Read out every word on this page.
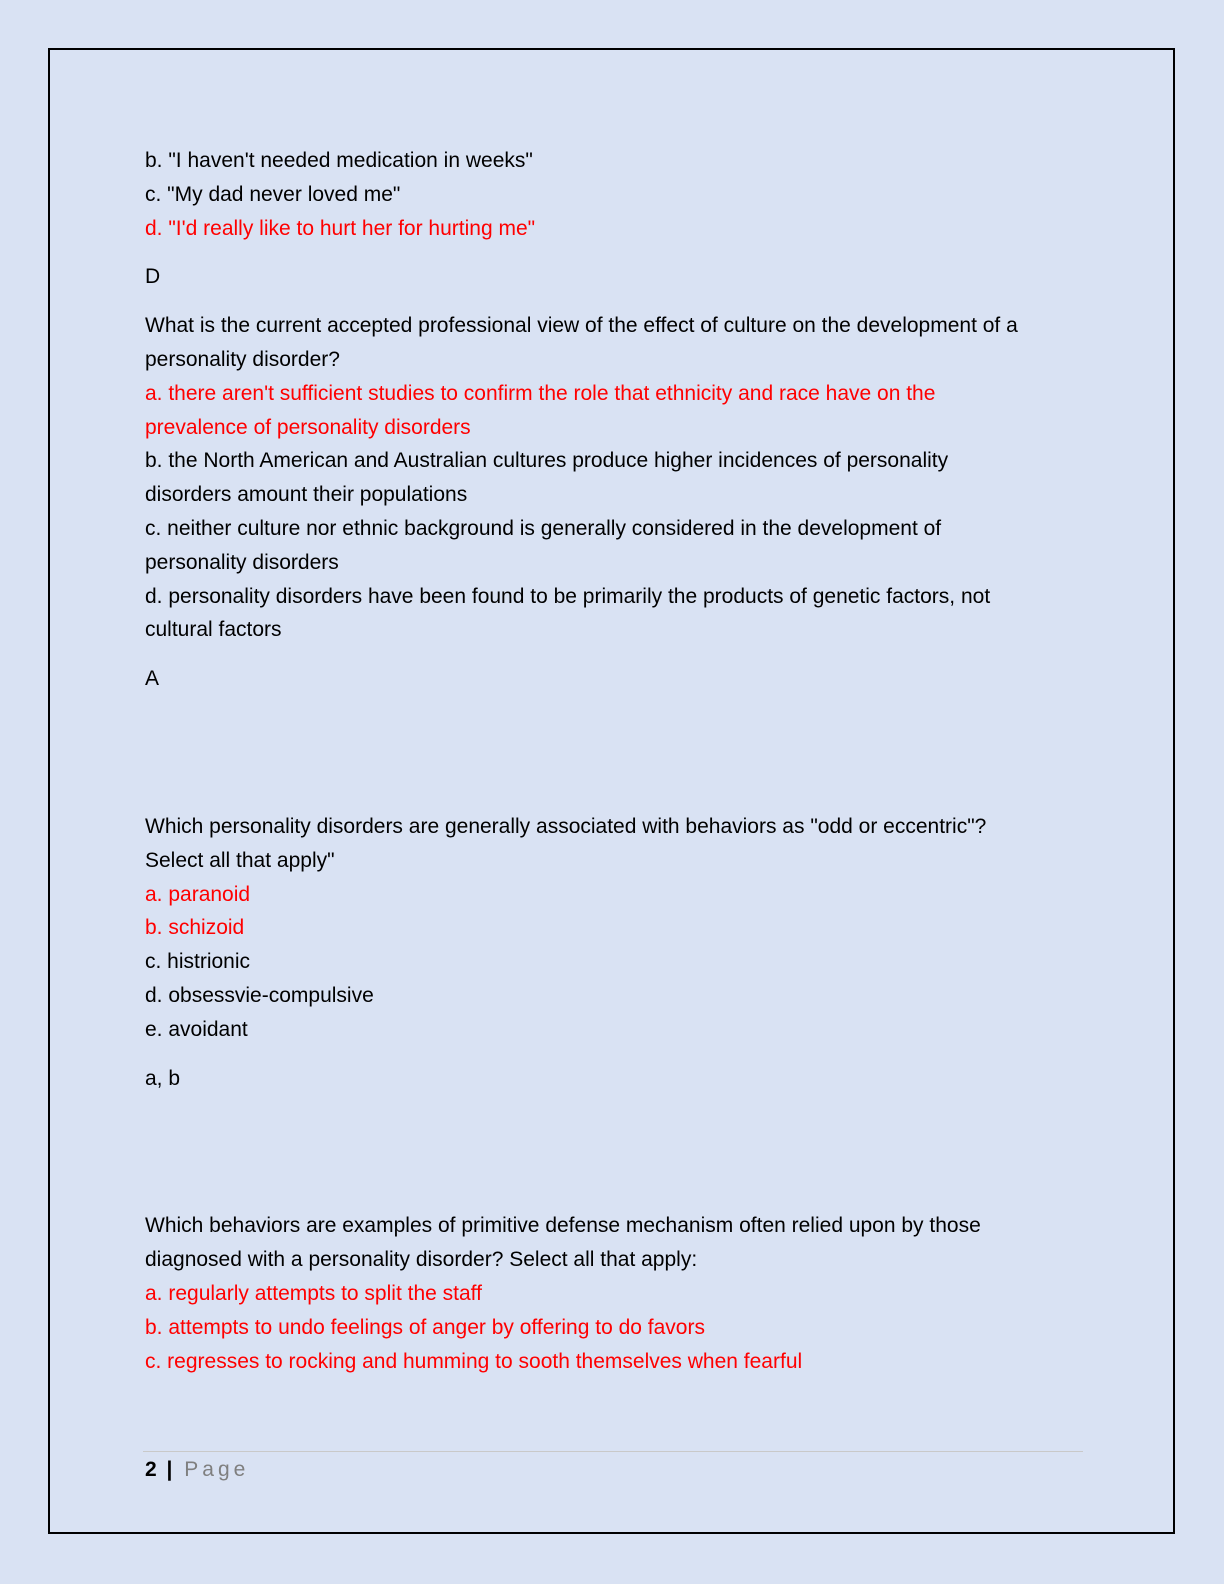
b. "I haven't needed medication in weeks"

c. "My dad never loved me"

d. "I'd really like to hurt her for hurting me"

D

What is the current accepted professional view of the effect of culture on the development of a

personality disorder?

a. there aren't sufficient studies to confirm the role that ethnicity and race have on the

prevalence of personality disorders

b. the North American and Australian cultures produce higher incidences of personality

disorders amount their populations

c. neither culture nor ethnic background is generally considered in the development of

personality disorders

d. personality disorders have been found to be primarily the products of genetic factors, not

cultural factors

A

Which personality disorders are generally associated with behaviors as "odd or eccentric"?

Select all that apply"

a. paranoid

b. schizoid

c. histrionic

d. obsessvie-compulsive

e. avoidant

a, b

Which behaviors are examples of primitive defense mechanism often relied upon by those

diagnosed with a personality disorder? Select all that apply:

a. regularly attempts to split the staff

b. attempts to undo feelings of anger by offering to do favors

c. regresses to rocking and humming to sooth themselves when fearful

2 | Page
